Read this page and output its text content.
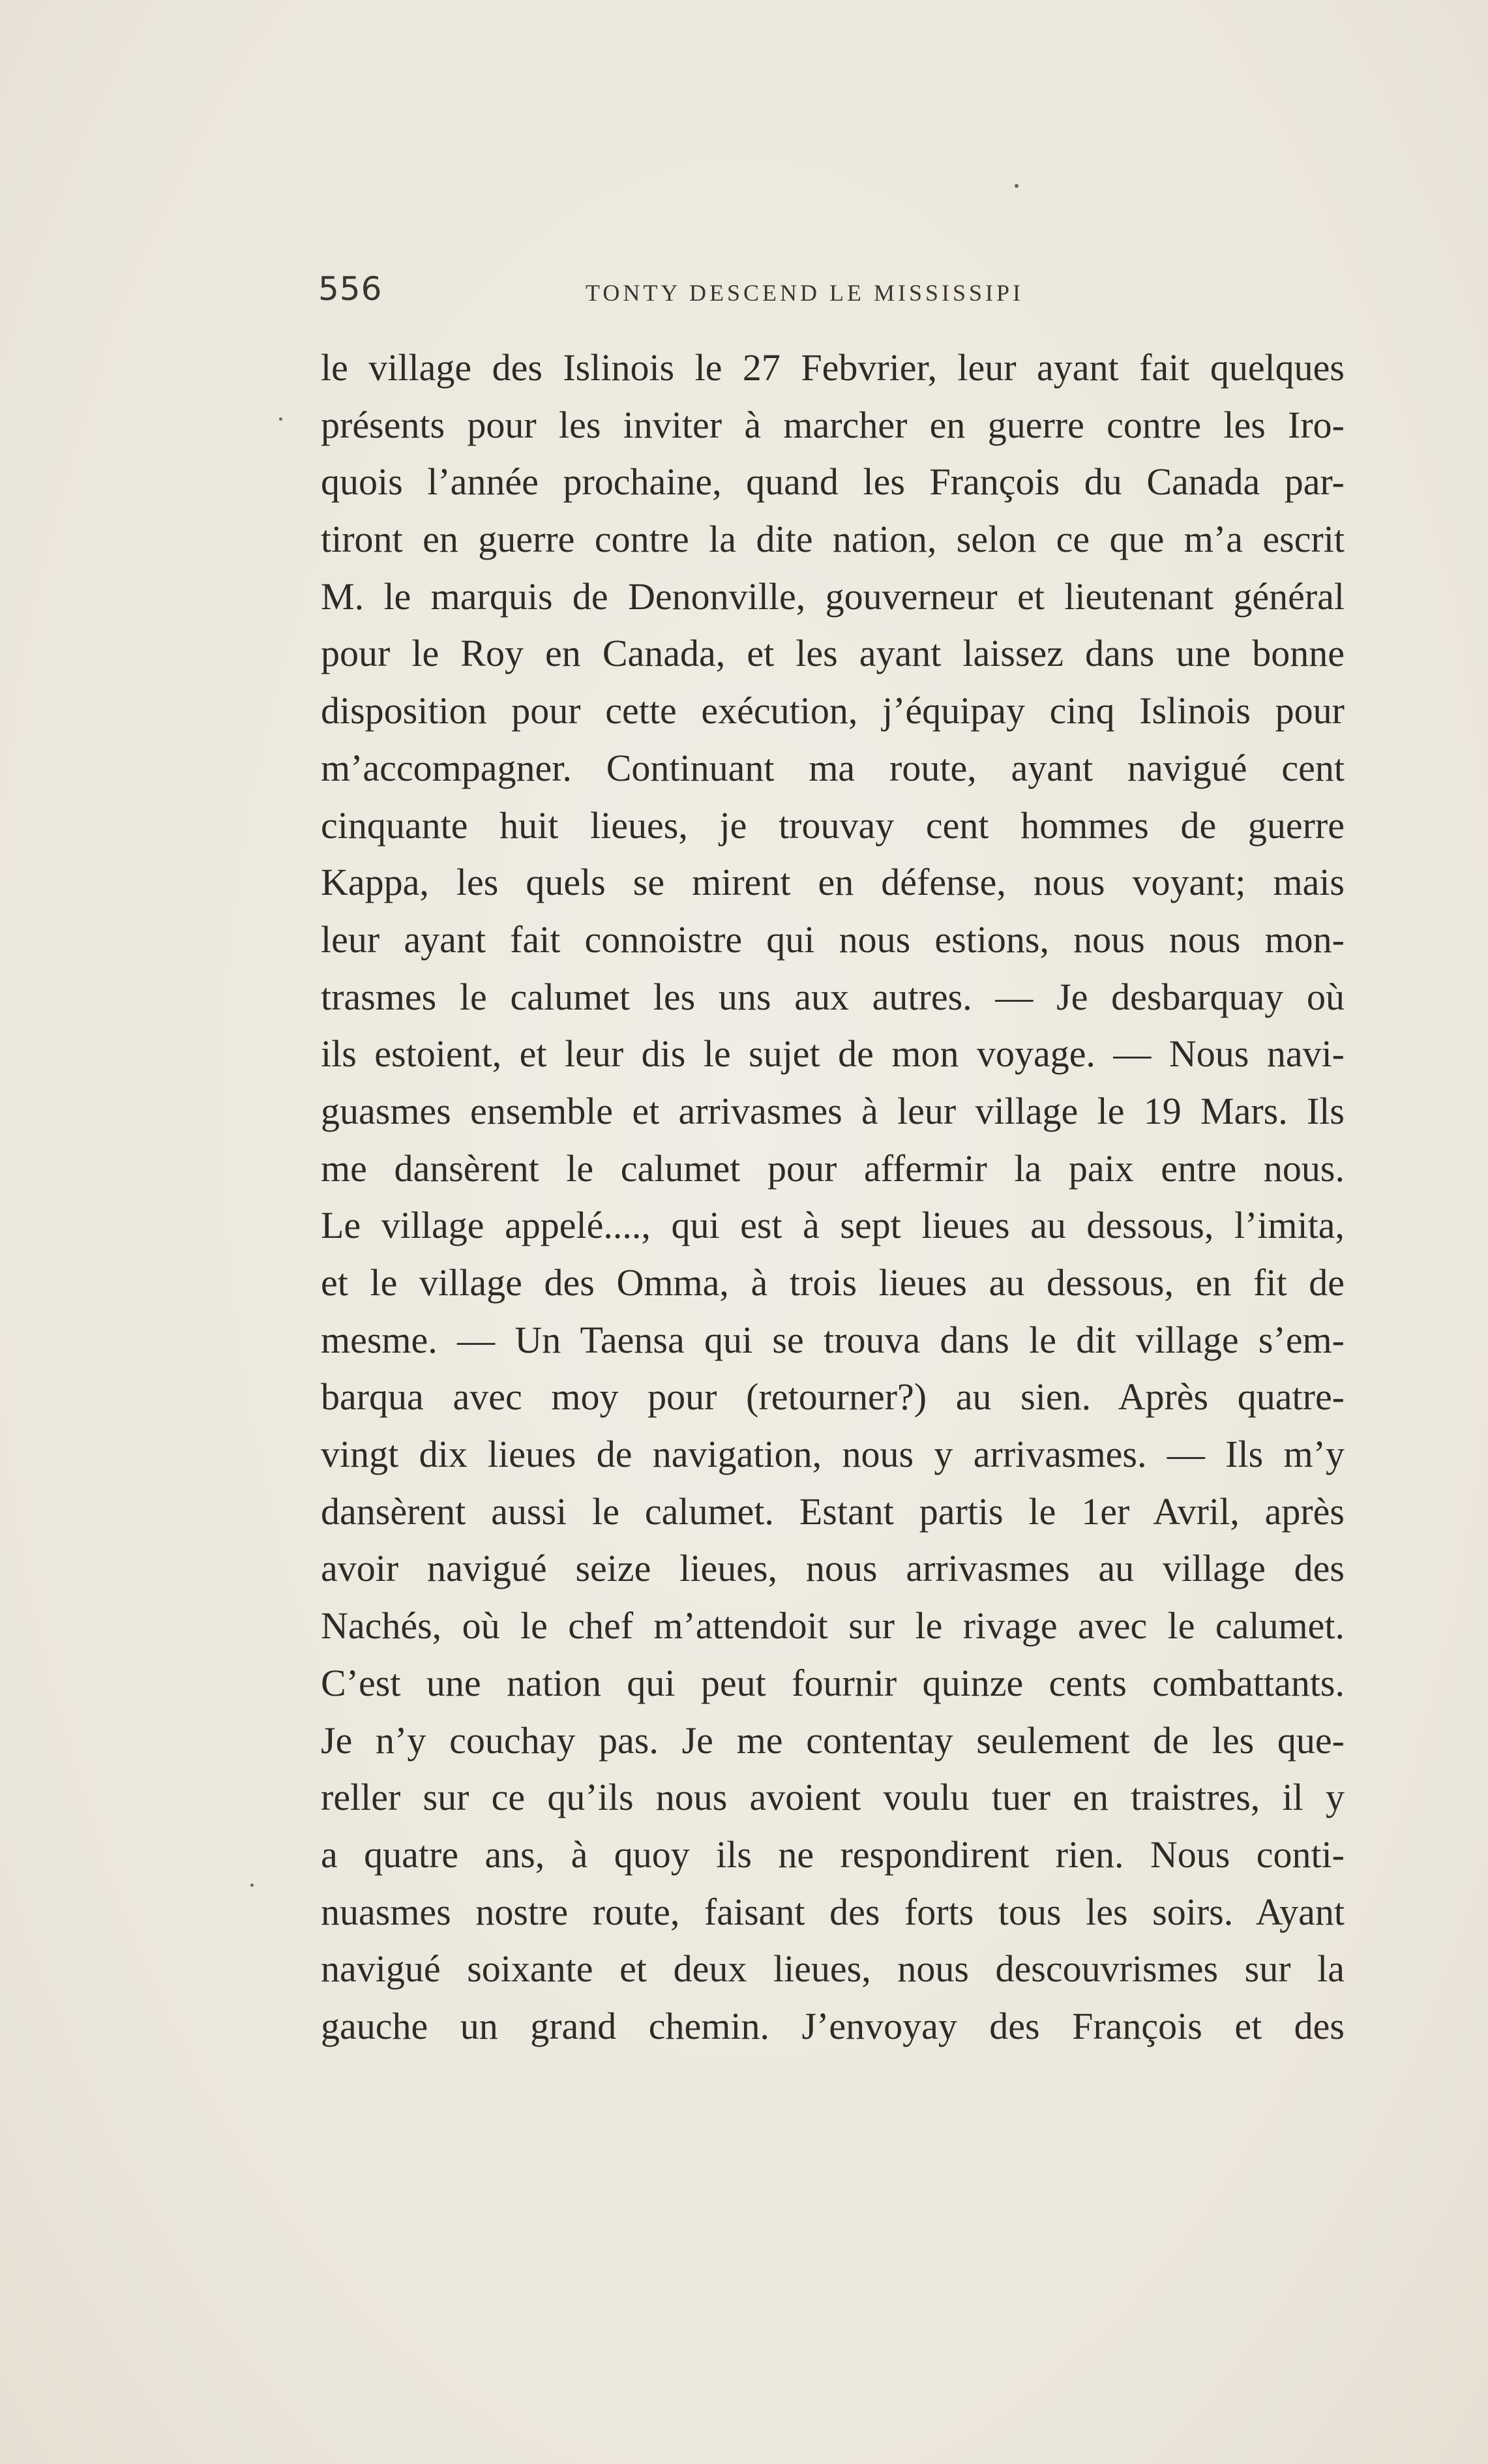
556	TONTY DESCEND LE MISSISSIPI
le village des Islinois le 27 Febvrier, leur ayant fait quelques
présents pour les inviter à marcher en guerre contre les Iro-
quois l’année prochaine, quand les François du Canada par-
tiront en guerre contre la dite nation, selon ce que m’a escrit
M. le marquis de Denonville, gouverneur et lieutenant général
pour le Roy en Canada, et les ayant laissez dans une bonne
disposition pour cette exécution, j’équipay cinq Islinois pour
m’accompagner. Continuant ma route, ayant navigué cent
cinquante huit lieues, je trouvay cent hommes de guerre
Kappa, les quels se mirent en défense, nous voyant; mais
leur ayant fait connoistre qui nous estions, nous nous mon-
trasmes le calumet les uns aux autres. — Je desbarquay où
ils estoient, et leur dis le sujet de mon voyage. — Nous navi-
guasmes ensemble et arrivasmes à leur village le 19 Mars. Ils
me dansèrent le calumet pour affermir la paix entre nous.
Le village appelé...., qui est à sept lieues au dessous, l’imita,
et le village des Omma, à trois lieues au dessous, en fit de
mesme. — Un Taensa qui se trouva dans le dit village s’em-
barqua avec moy pour (retourner?) au sien. Après quatre-
vingt dix lieues de navigation, nous y arrivasmes. — Ils m’y
dansèrent aussi le calumet. Estant partis le 1er Avril, après
avoir navigué seize lieues, nous arrivasmes au village des
Nachés, où le chef m’attendoit sur le rivage avec le calumet.
C’est une nation qui peut fournir quinze cents combattants.
Je n’y couchay pas. Je me contentay seulement de les que-
reller sur ce qu’ils nous avoient voulu tuer en traistres, il y
a quatre ans, à quoy ils ne respondirent rien. Nous conti-
nuasmes nostre route, faisant des forts tous les soirs. Ayant
navigué soixante et deux lieues, nous descouvrismes sur la
gauche un grand chemin. J’envoyay des François et des
